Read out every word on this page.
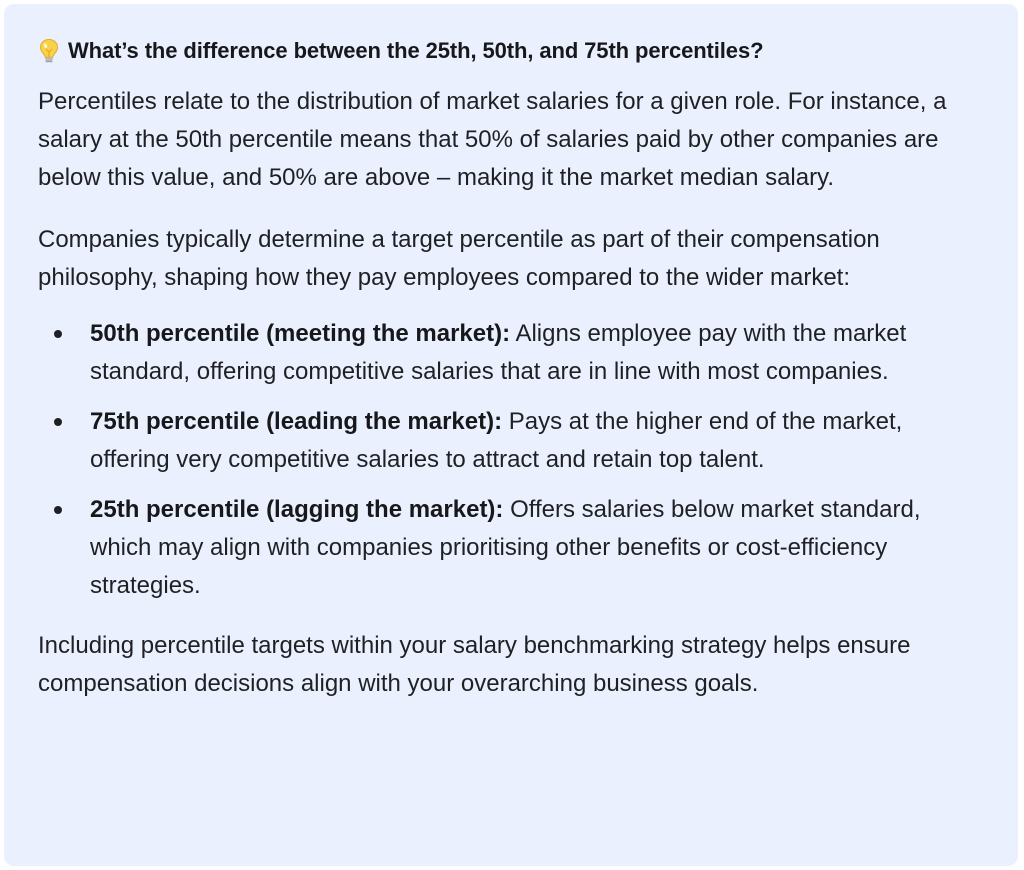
What’s the difference between the 25th, 50th, and 75th percentiles?

Percentiles relate to the distribution of market salaries for a given role. For instance, a salary at the 50th percentile means that 50% of salaries paid by other companies are below this value, and 50% are above – making it the market median salary.

Companies typically determine a target percentile as part of their compensation philosophy, shaping how they pay employees compared to the wider market:

50th percentile (meeting the market): Aligns employee pay with the market standard, offering competitive salaries that are in line with most companies.
75th percentile (leading the market): Pays at the higher end of the market, offering very competitive salaries to attract and retain top talent.
25th percentile (lagging the market): Offers salaries below market standard, which may align with companies prioritising other benefits or cost-efficiency strategies.

Including percentile targets within your salary benchmarking strategy helps ensure compensation decisions align with your overarching business goals.
